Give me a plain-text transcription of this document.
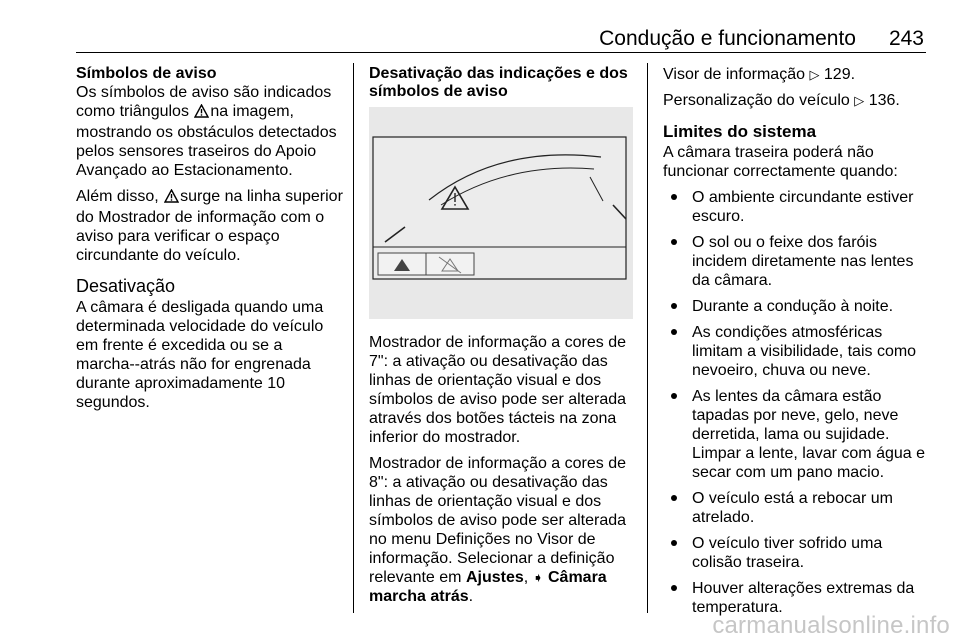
Condução e funcionamento 243
Símbolos de aviso

Os símbolos de aviso são indicados como triângulos na imagem, mostrando os obstáculos detectados pelos sensores traseiros do Apoio Avançado ao Estacionamento.

Além disso, surge na linha superior do Mostrador de informação com o aviso para verificar o espaço circundante do veículo.

Desativação

A câmara é desligada quando uma determinada velocidade do veículo em frente é excedida ou se a marcha--atrás não for engrenada durante aproximadamente 10 segundos.

Desativação das indicações e dos símbolos de aviso

Mostrador de informação a cores de 7": a ativação ou desativação das linhas de orientação visual e dos símbolos de aviso pode ser alterada através dos botões tácteis na zona inferior do mostrador.

Mostrador de informação a cores de 8": a ativação ou desativação das linhas de orientação visual e dos símbolos de aviso pode ser alterada no menu Definições no Visor de informação. Selecionar a definição relevante em Ajustes, ➧ Câmara marcha atrás.

Visor de informação ▷ 129.

Personalização do veículo ▷ 136.

Limites do sistema

A câmara traseira poderá não funcionar correctamente quando:

O ambiente circundante estiver escuro.
O sol ou o feixe dos faróis incidem diretamente nas lentes da câmara.
Durante a condução à noite.
As condições atmosféricas limitam a visibilidade, tais como nevoeiro, chuva ou neve.
As lentes da câmara estão tapadas por neve, gelo, neve derretida, lama ou sujidade. Limpar a lente, lavar com água e secar com um pano macio.
O veículo está a rebocar um atrelado.
O veículo tiver sofrido uma colisão traseira.
Houver alterações extremas da temperatura.
carmanualsonline.info
